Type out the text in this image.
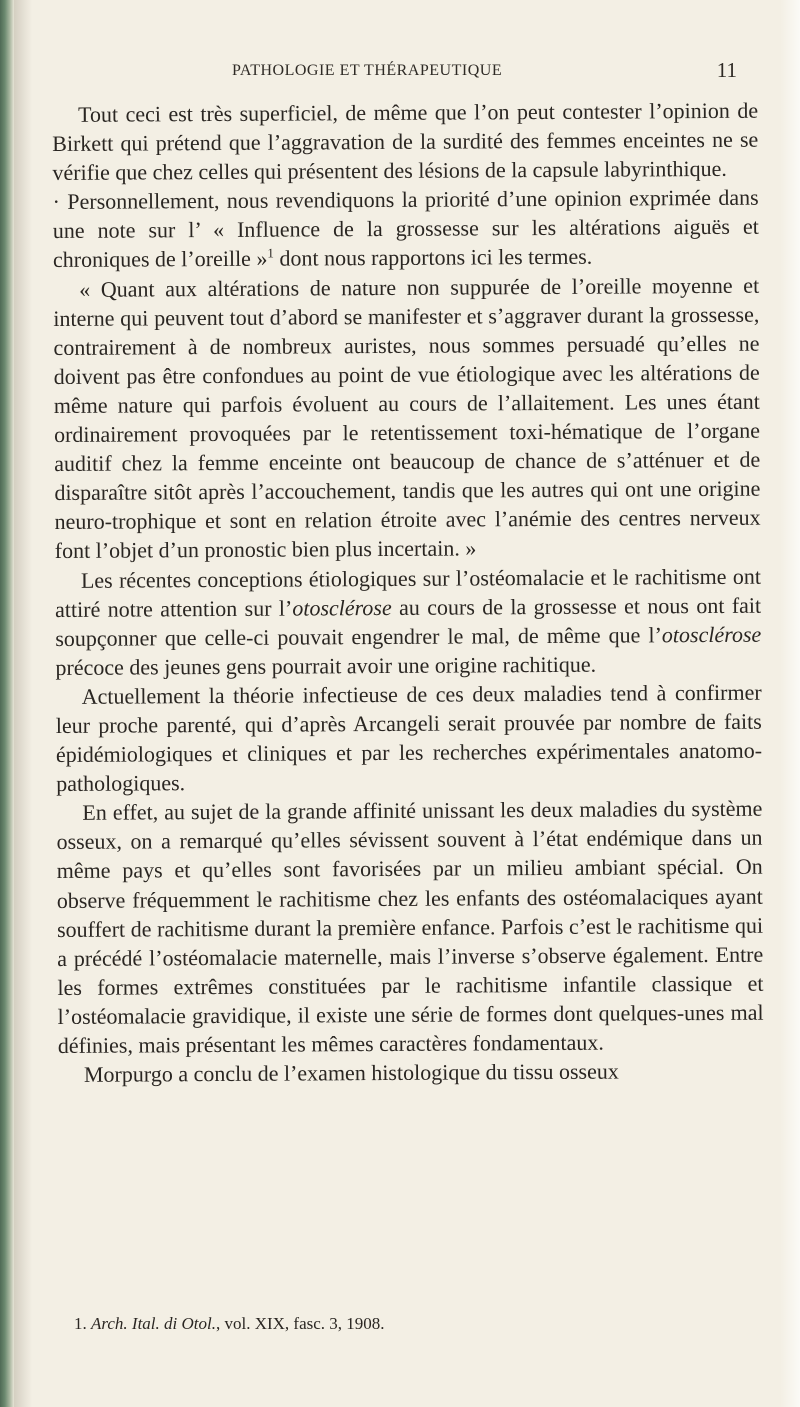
PATHOLOGIE ET THÉRAPEUTIQUE	11

Tout ceci est très superficiel, de même que l’on peut contester l’opinion de Birkett qui prétend que l’aggravation de la surdité des femmes enceintes ne se vérifie que chez celles qui présentent des lésions de la capsule labyrinthique.

· Personnellement, nous revendiquons la priorité d’une opinion exprimée dans une note sur l’ « Influence de la grossesse sur les altérations aiguës et chroniques de l’oreille »$^1$ dont nous rapportons ici les termes.

« Quant aux altérations de nature non suppurée de l’oreille moyenne et interne qui peuvent tout d’abord se manifester et s’aggraver durant la grossesse, contrairement à de nombreux auristes, nous sommes persuadé qu’elles ne doivent pas être confondues au point de vue étiologique avec les altérations de même nature qui parfois évoluent au cours de l’allaitement. Les unes étant ordinairement provoquées par le retentissement toxi-hématique de l’organe auditif chez la femme enceinte ont beaucoup de chance de s’atténuer et de disparaître sitôt après l’accouchement, tandis que les autres qui ont une origine neuro-trophique et sont en relation étroite avec l’anémie des centres nerveux font l’objet d’un pronostic bien plus incertain. »

Les récentes conceptions étiologiques sur l’ostéomalacie et le rachitisme ont attiré notre attention sur l’otosclérose au cours de la grossesse et nous ont fait soupçonner que celle-ci pouvait engendrer le mal, de même que l’otosclérose précoce des jeunes gens pourrait avoir une origine rachitique.

Actuellement la théorie infectieuse de ces deux maladies tend à confirmer leur proche parenté, qui d’après Arcangeli serait prouvée par nombre de faits épidémiologiques et cliniques et par les recherches expérimentales anatomo-pathologiques.

En effet, au sujet de la grande affinité unissant les deux maladies du système osseux, on a remarqué qu’elles sévissent souvent à l’état endémique dans un même pays et qu’elles sont favorisées par un milieu ambiant spécial. On observe fréquemment le rachitisme chez les enfants des ostéomalaciques ayant souffert de rachitisme durant la première enfance. Parfois c’est le rachitisme qui a précédé l’ostéomalacie maternelle, mais l’inverse s’observe également. Entre les formes extrêmes constituées par le rachitisme infantile classique et l’ostéomalacie gravidique, il existe une série de formes dont quelques-unes mal définies, mais présentant les mêmes caractères fondamentaux.

Morpurgo a conclu de l’examen histologique du tissu osseux

1. Arch. Ital. di Otol., vol. XIX, fasc. 3, 1908.
